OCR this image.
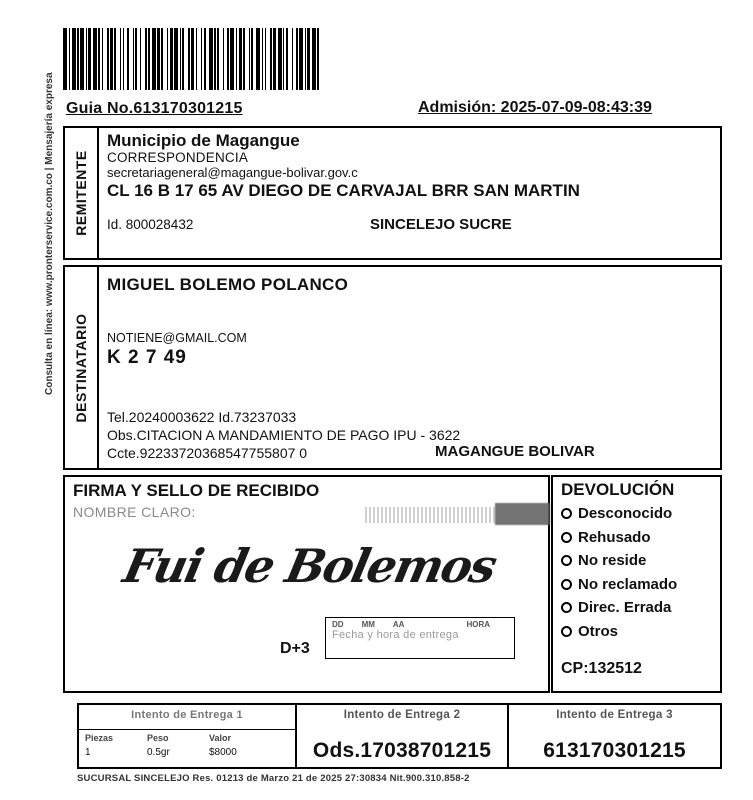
Guia No.613170301215	Admisión: 2025-07-09-08:43:39
Consulta en línea: www.pronterservice.com.co | Mensajería expresa	REMITENTE
Municipio de Magangue
CORRESPONDENCIA
secretariageneral@magangue-bolivar.gov.c
CL 16 B 17 65 AV DIEGO DE CARVAJAL BRR SAN MARTIN
Id. 800028432	SINCELEJO SUCRE
DESTINATARIO
MIGUEL BOLEMO POLANCO
NOTIENE@GMAIL.COM
K 2 7 49
Tel.20240003622 Id.73237033
Obs.CITACION A MANDAMIENTO DE PAGO IPU - 3622
Ccte.92233720368547755807 0	MAGANGUE BOLIVAR
FIRMA Y SELLO DE RECIBIDO
NOMBRE CLARO:
Fui de Bolemos
D+3
DD MM AA	HORA
Fecha y hora de entrega
DEVOLUCIÓN
Desconocido
Rehusado
No reside
No reclamado
Direc. Errada
Otros
CP:132512
Intento de Entrega 1
Piezas	Peso	Valor
1	0.5gr	$8000
Intento de Entrega 2
Ods.17038701215
Intento de Entrega 3
613170301215
SUCURSAL SINCELEJO Res. 01213 de Marzo 21 de 2025 27:30834 Nit.900.310.858-2
